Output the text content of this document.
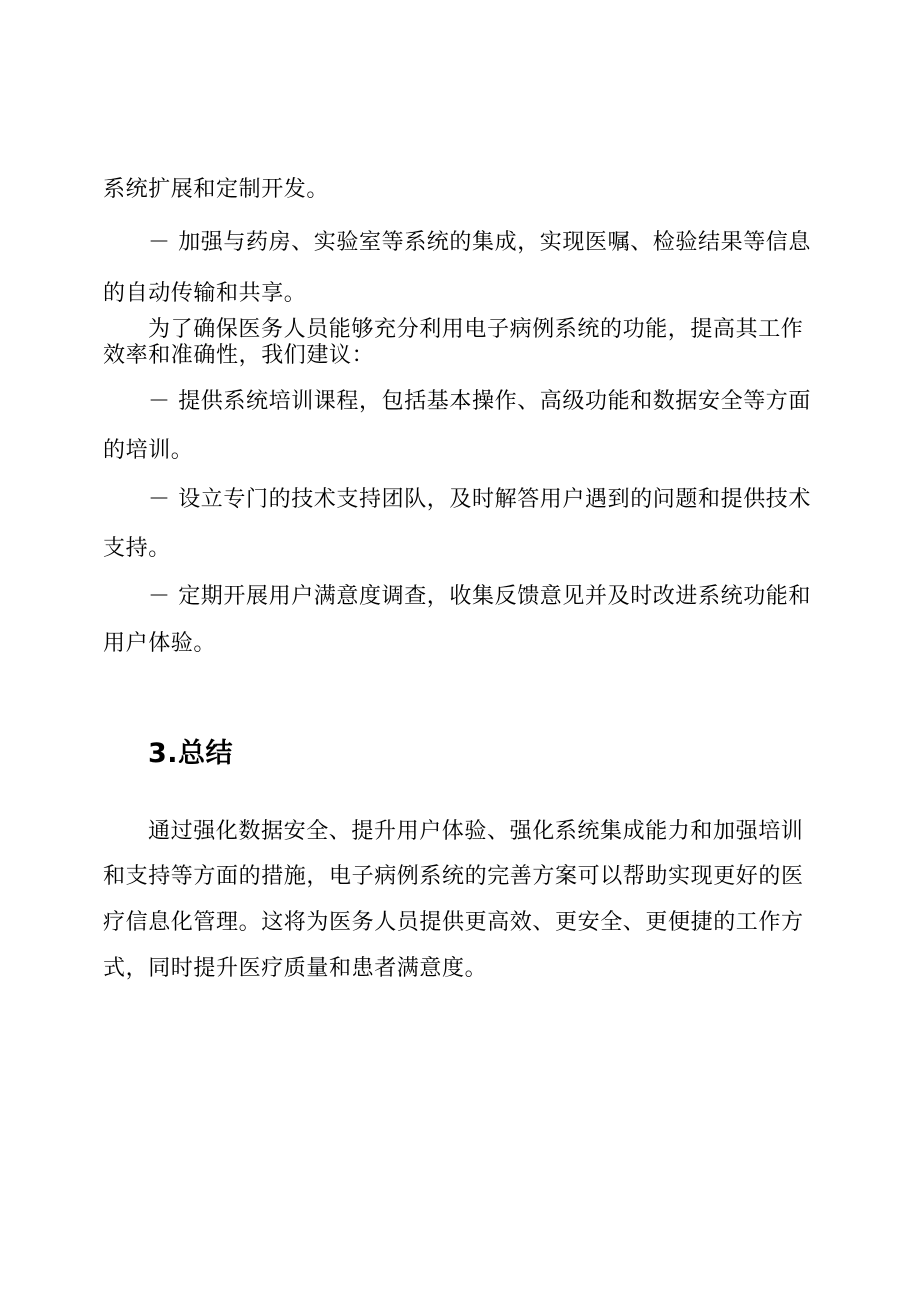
系统扩展和定制开发。

－ 加强与药房、实验室等系统的集成，实现医嘱、检验结果等信息

的自动传输和共享。

为了确保医务人员能够充分利用电子病例系统的功能，提高其工作

效率和准确性，我们建议：

－ 提供系统培训课程，包括基本操作、高级功能和数据安全等方面

的培训。

－ 设立专门的技术支持团队，及时解答用户遇到的问题和提供技术

支持。

－ 定期开展用户满意度调查，收集反馈意见并及时改进系统功能和

用户体验。

3.总结

通过强化数据安全、提升用户体验、强化系统集成能力和加强培训

和支持等方面的措施，电子病例系统的完善方案可以帮助实现更好的医

疗信息化管理。这将为医务人员提供更高效、更安全、更便捷的工作方

式，同时提升医疗质量和患者满意度。
